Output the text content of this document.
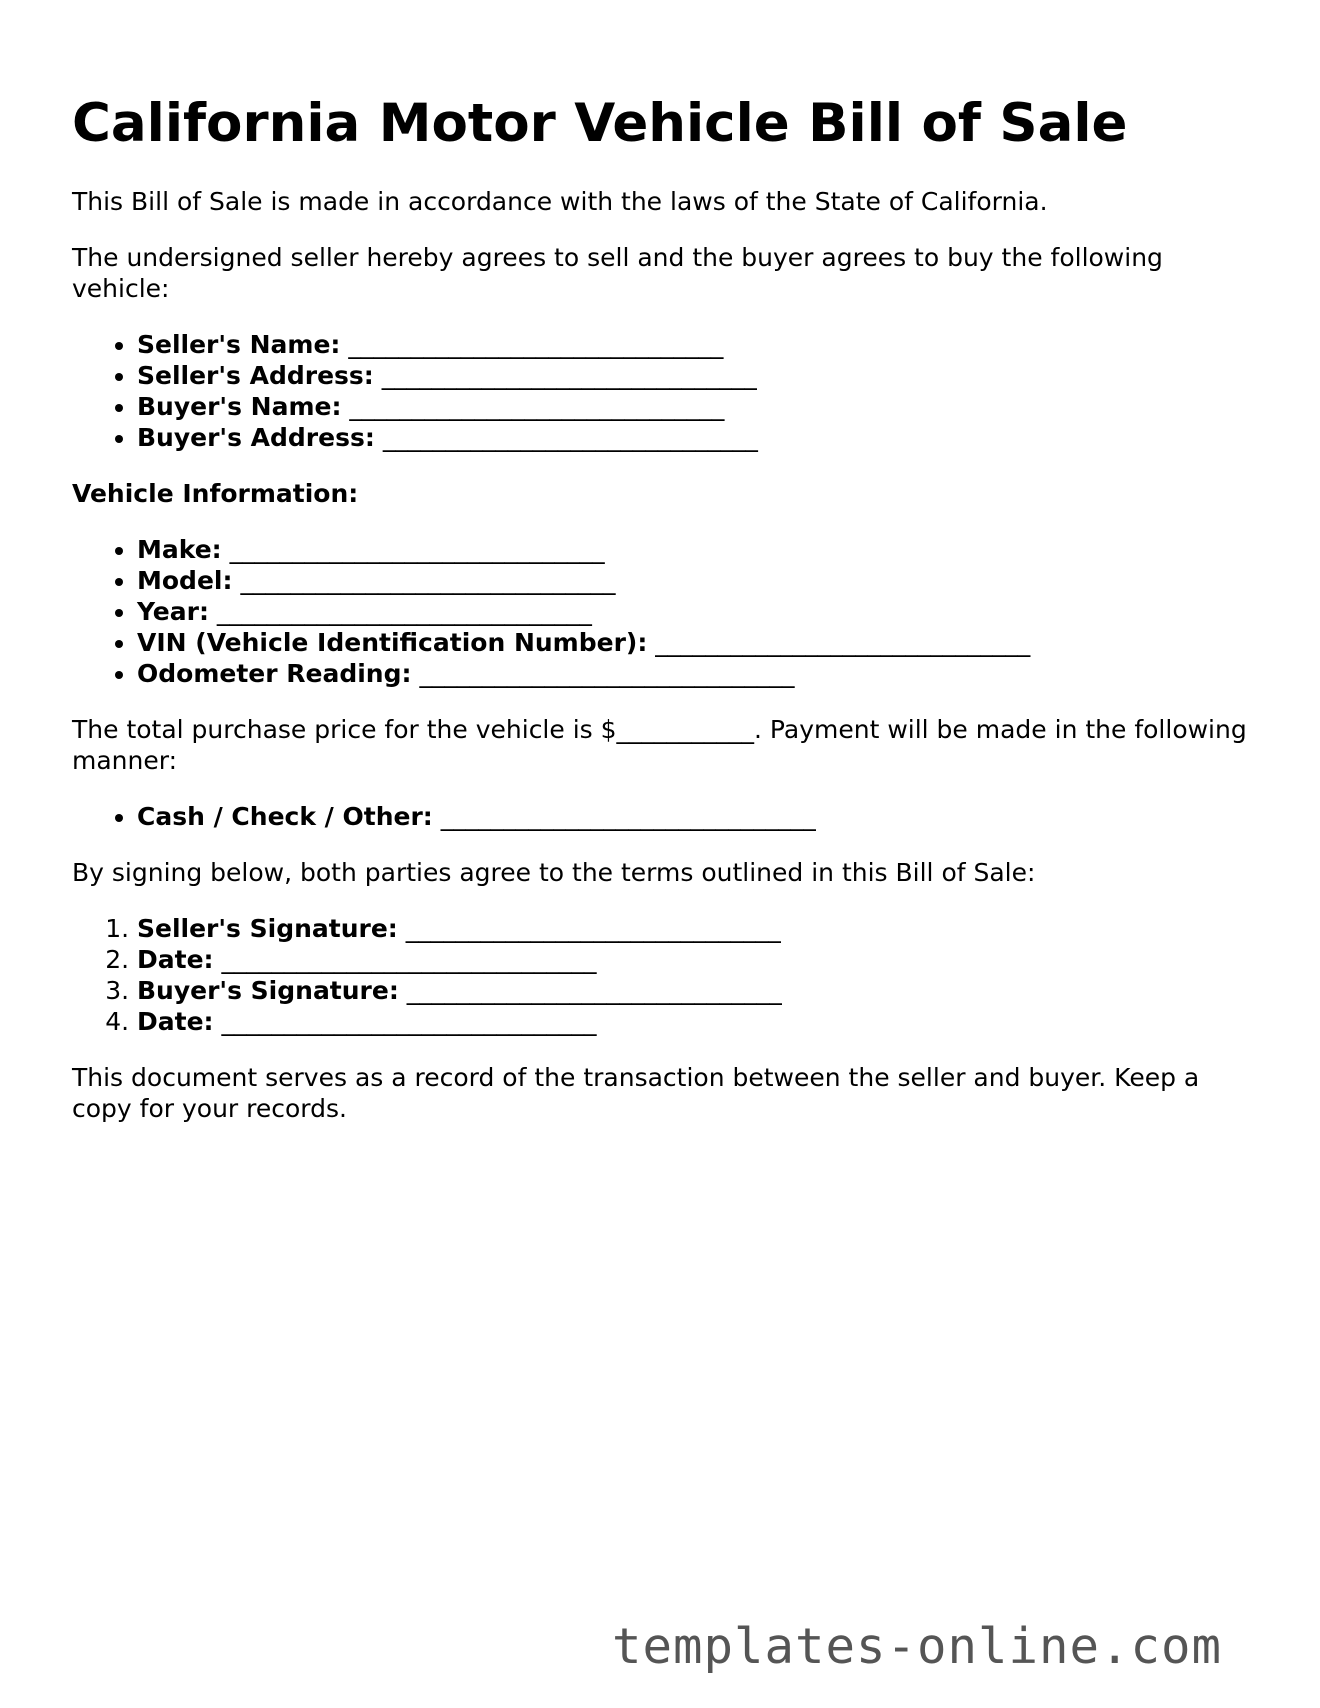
California Motor Vehicle Bill of Sale

This Bill of Sale is made in accordance with the laws of the State of California.

The undersigned seller hereby agrees to sell and the buyer agrees to buy the following vehicle:

• Seller's Name: ______________________________
• Seller's Address: ______________________________
• Buyer's Name: ______________________________
• Buyer's Address: ______________________________

Vehicle Information:

• Make: ______________________________
• Model: ______________________________
• Year: ______________________________
• VIN (Vehicle Identification Number): ______________________________
• Odometer Reading: ______________________________

The total purchase price for the vehicle is $___________. Payment will be made in the following manner:

• Cash / Check / Other: ______________________________

By signing below, both parties agree to the terms outlined in this Bill of Sale:

1. Seller's Signature: ______________________________
2. Date: ______________________________
3. Buyer's Signature: ______________________________
4. Date: ______________________________

This document serves as a record of the transaction between the seller and buyer. Keep a copy for your records.

templates-online.com
